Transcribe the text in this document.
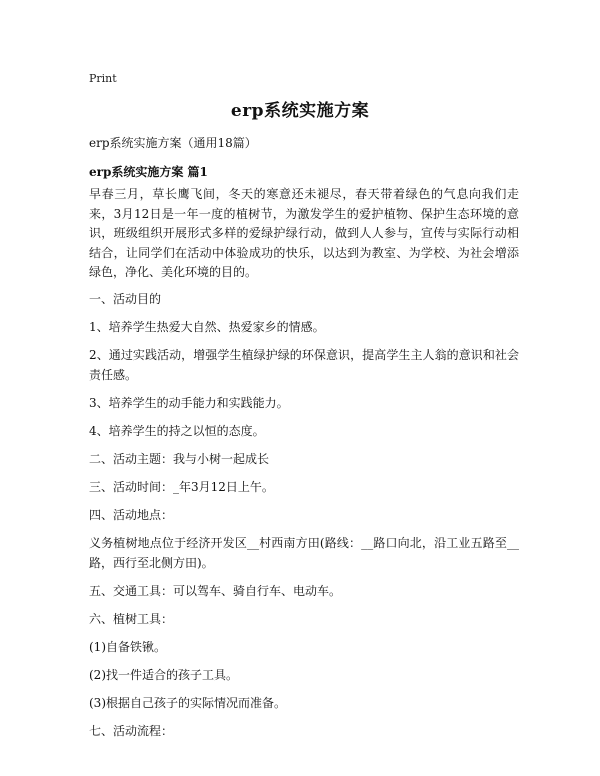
Print
erp系统实施方案
erp系统实施方案（通用18篇）
erp系统实施方案 篇1

早春三月，草长鹰飞间，冬天的寒意还未褪尽，春天带着绿色的气息向我们走来，3月12日是一年一度的植树节，为激发学生的爱护植物、保护生态环境的意识，班级组织开展形式多样的爱绿护绿行动，做到人人参与，宣传与实际行动相结合，让同学们在活动中体验成功的快乐，以达到为教室、为学校、为社会增添绿色，净化、美化环境的目的。

一、活动目的

1、培养学生热爱大自然、热爱家乡的情感。

2、通过实践活动，增强学生植绿护绿的环保意识，提高学生主人翁的意识和社会责任感。

3、培养学生的动手能力和实践能力。

4、培养学生的持之以恒的态度。

二、活动主题：我与小树一起成长

三、活动时间：_年3月12日上午。

四、活动地点：

义务植树地点位于经济开发区__村西南方田(路线：__路口向北，沿工业五路至__路，西行至北侧方田)。

五、交通工具：可以驾车、骑自行车、电动车。

六、植树工具：

(1)自备铁锹。

(2)找一件适合的孩子工具。

(3)根据自己孩子的实际情况而准备。

七、活动流程：
